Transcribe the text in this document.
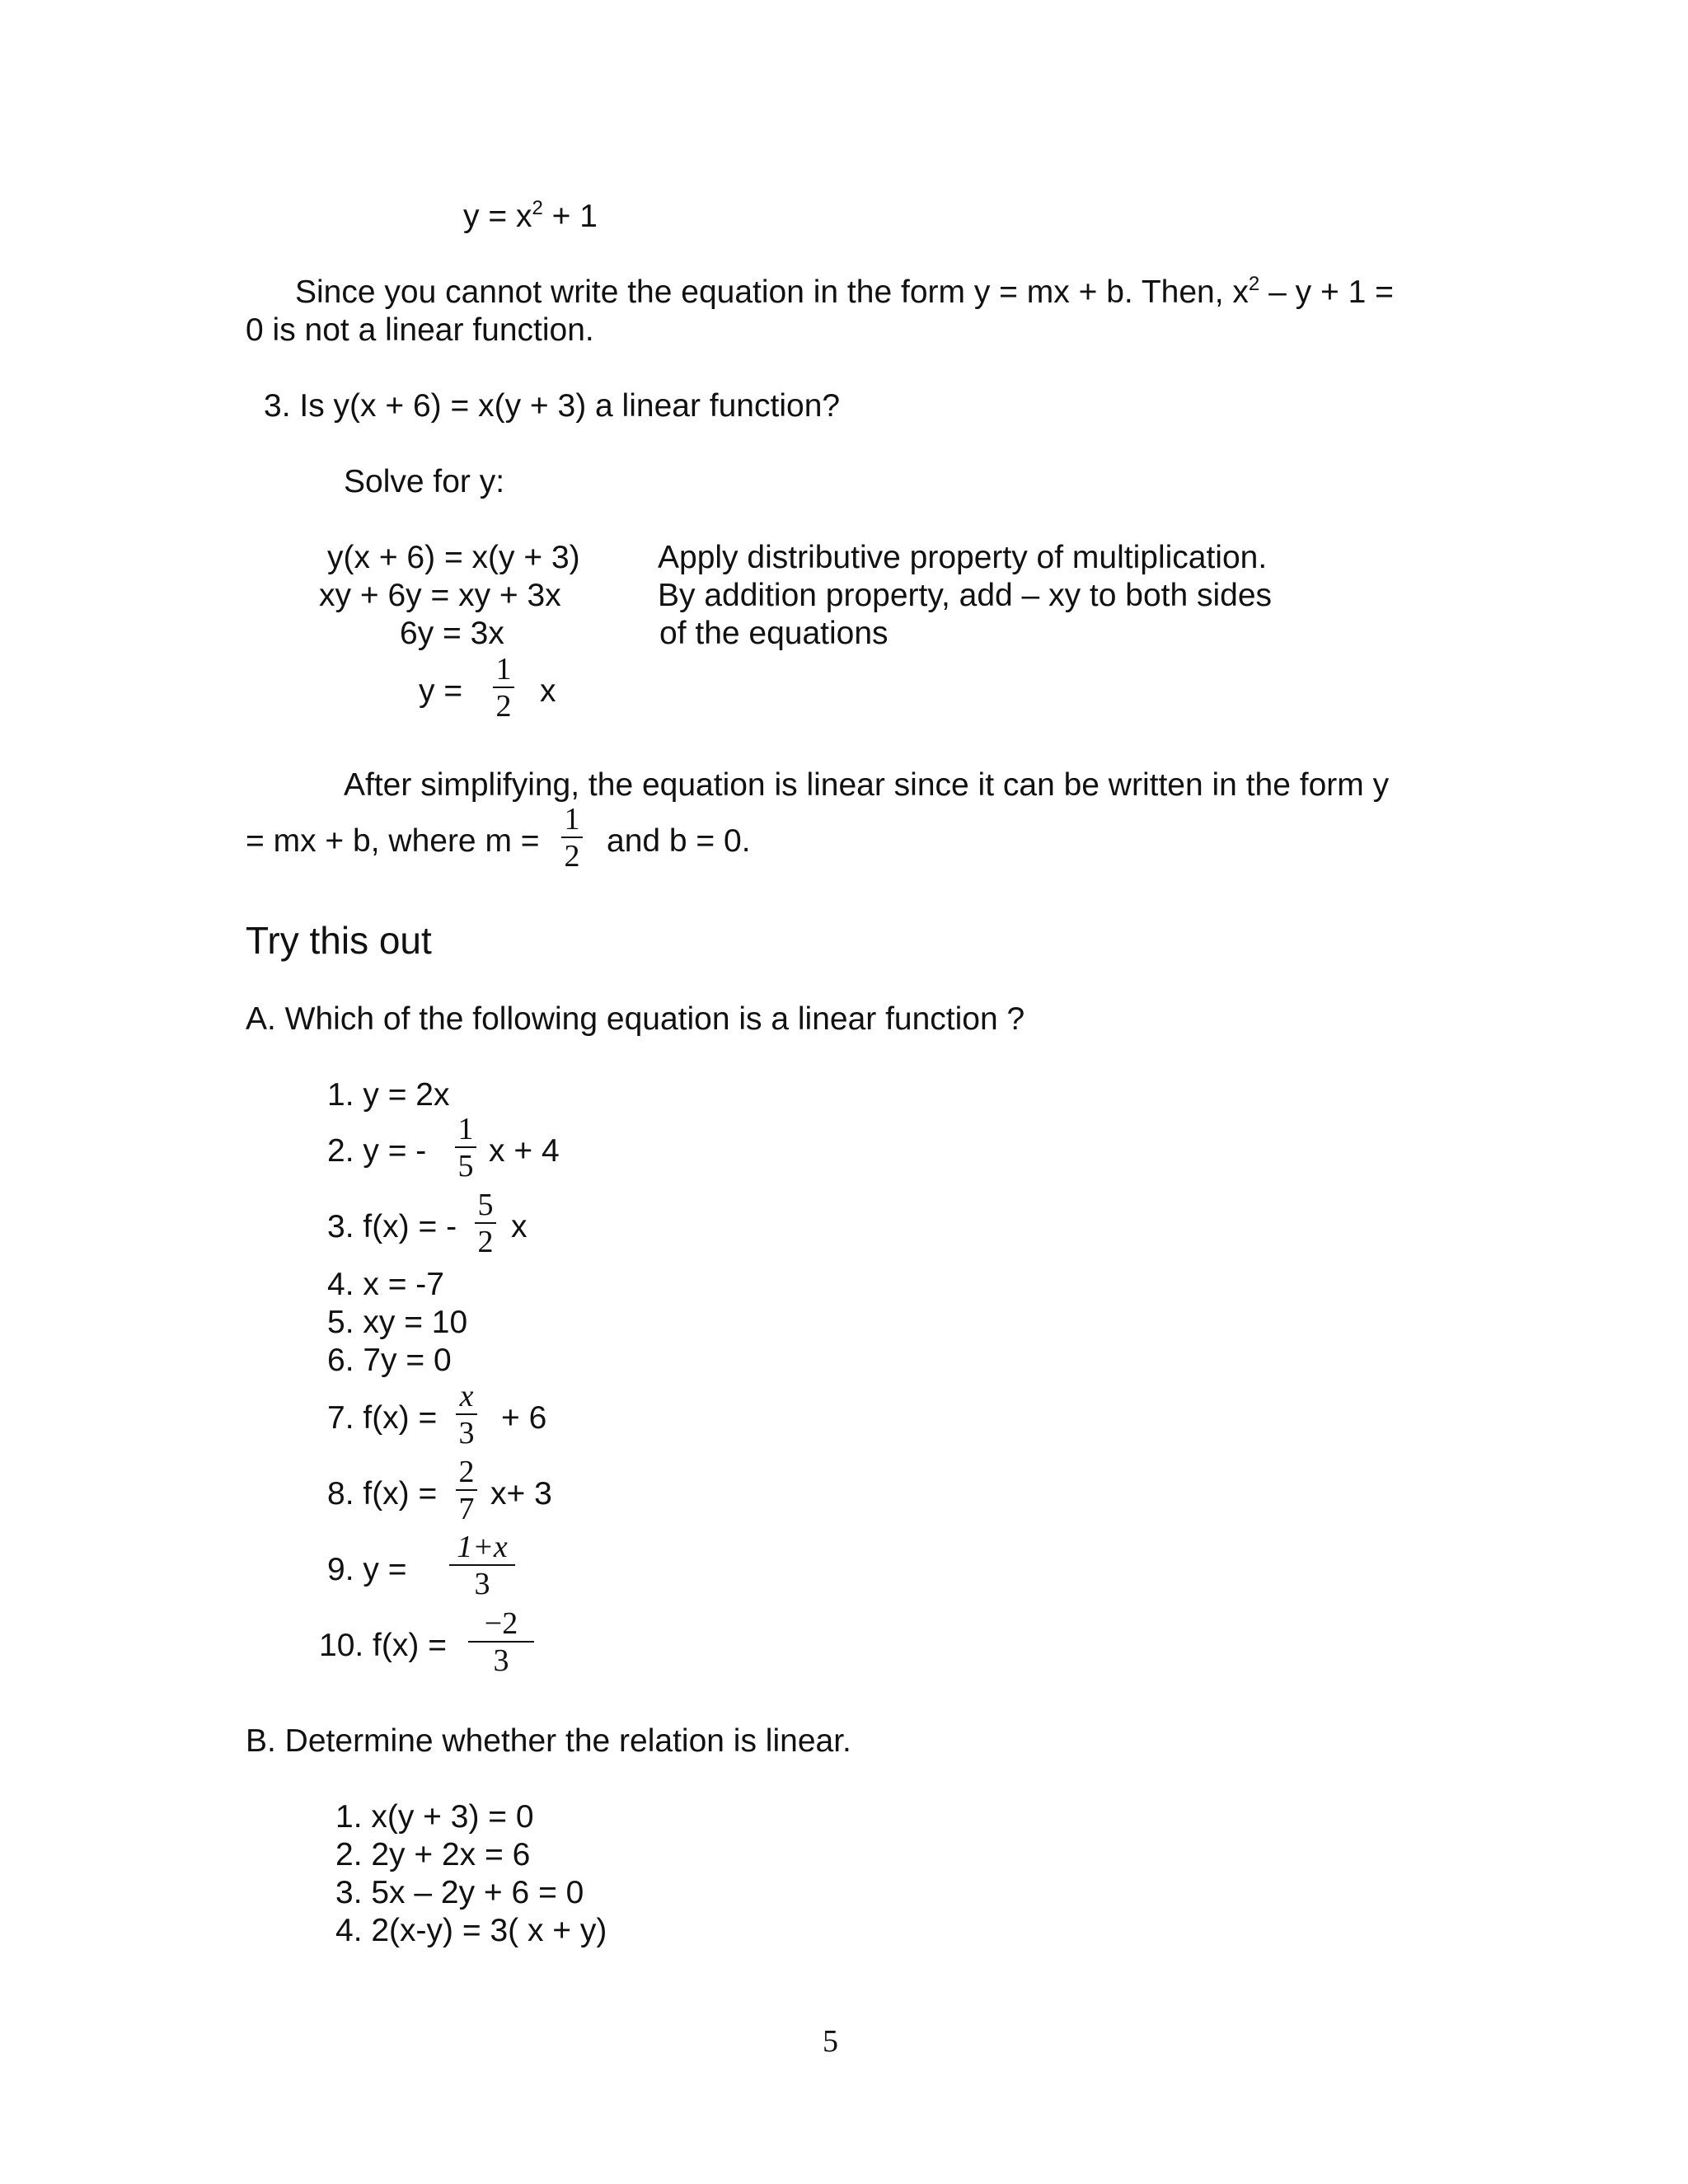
$y = x^2 + 1$
Since you cannot write the equation in the form y = mx + b. Then, $x^2 - y + 1$ =
0 is not a linear function.
3. Is y(x + 6) = x(y + 3) a linear function?
Solve for y:
y(x + 6) = x(y + 3)
xy + 6y = xy + 3x
6y = 3x
y =
1
2 x
Apply distributive property of multiplication.
By addition property, add – xy to both sides
of the equations
After simplifying, the equation is linear since it can be written in the form y
= mx + b, where m =
1
2 and b = 0.
Try this out
A. Which of the following equation is a linear function ?
1. y = 2x
2. y = -
1
5 x + 4
3. f(x) = -
5
2 x
4. x = -7
5. xy = 10
6. 7y = 0
7. f(x) =
x
3 + 6
8. f(x) =
2
7 x+ 3
9. y =
1+x
3
10. f(x) =
−2
3
B. Determine whether the relation is linear.
1. x(y + 3) = 0
2. 2y + 2x = 6
3. 5x – 2y + 6 = 0
4. 2(x-y) = 3( x + y)
5
